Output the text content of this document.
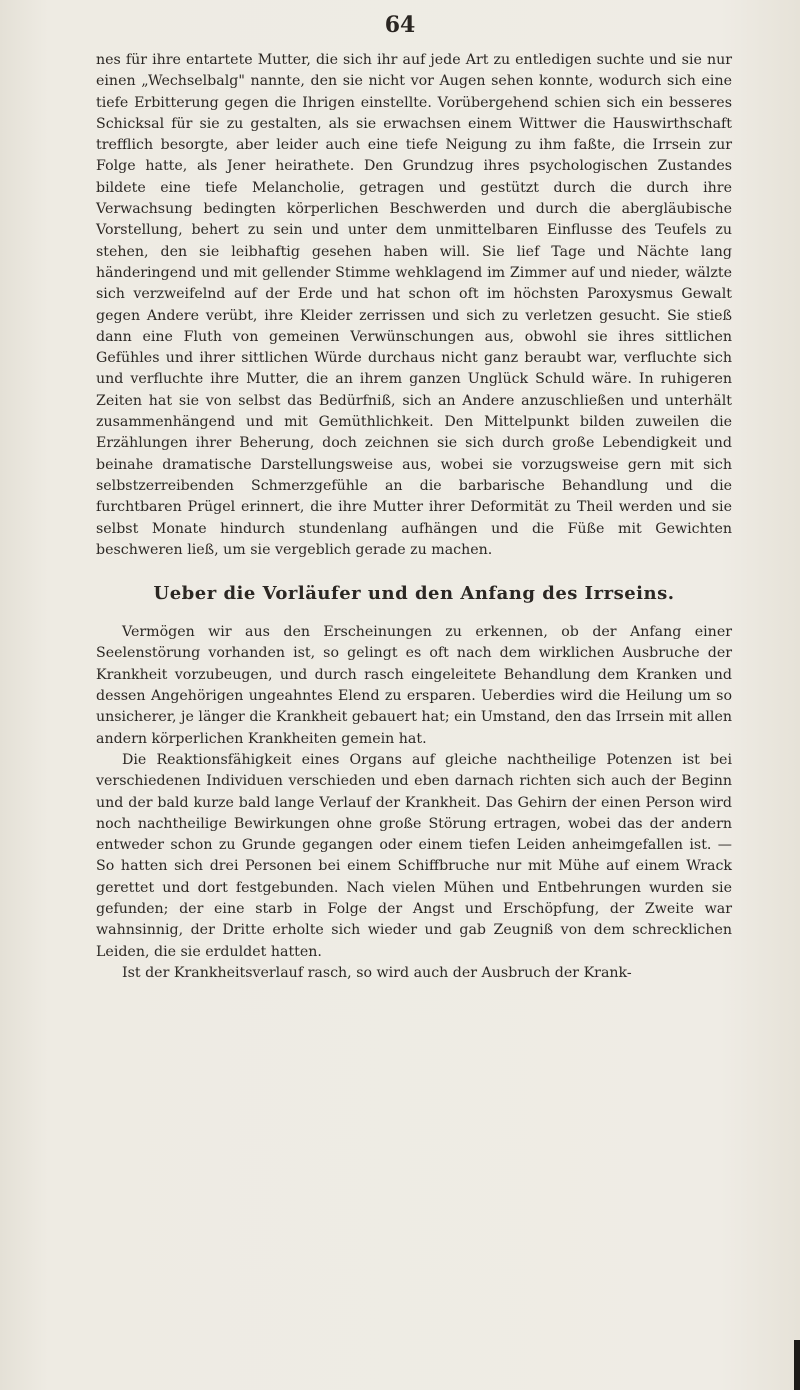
64

nes für ihre entartete Mutter, die sich ihr auf jede Art zu entledigen suchte und sie nur einen „Wechselbalg" nannte, den sie nicht vor Augen sehen konnte, wodurch sich eine tiefe Erbitterung gegen die Ihrigen einstellte. Vorübergehend schien sich ein besseres Schicksal für sie zu gestalten, als sie erwachsen einem Wittwer die Hauswirthschaft trefflich besorgte, aber leider auch eine tiefe Neigung zu ihm faßte, die Irrsein zur Folge hatte, als Jener heirathete. Den Grundzug ihres psychologischen Zustandes bildete eine tiefe Melancholie, getragen und gestützt durch die durch ihre Verwachsung bedingten körperlichen Beschwerden und durch die abergläubische Vorstellung, behert zu sein und unter dem unmittelbaren Einflusse des Teufels zu stehen, den sie leibhaftig gesehen haben will. Sie lief Tage und Nächte lang händeringend und mit gellender Stimme wehklagend im Zimmer auf und nieder, wälzte sich verzweifelnd auf der Erde und hat schon oft im höchsten Paroxysmus Gewalt gegen Andere verübt, ihre Kleider zerrissen und sich zu verletzen gesucht. Sie stieß dann eine Fluth von gemeinen Verwünschungen aus, obwohl sie ihres sittlichen Gefühles und ihrer sittlichen Würde durchaus nicht ganz beraubt war, verfluchte sich und verfluchte ihre Mutter, die an ihrem ganzen Unglück Schuld wäre. In ruhigeren Zeiten hat sie von selbst das Bedürfniß, sich an Andere anzuschließen und unterhält zusammenhängend und mit Gemüthlichkeit. Den Mittelpunkt bilden zuweilen die Erzählungen ihrer Beherung, doch zeichnen sie sich durch große Lebendigkeit und beinahe dramatische Darstellungsweise aus, wobei sie vorzugsweise gern mit sich selbstzerreibenden Schmerzgefühle an die barbarische Behandlung und die furchtbaren Prügel erinnert, die ihre Mutter ihrer Deformität zu Theil werden und sie selbst Monate hindurch stundenlang aufhängen und die Füße mit Gewichten beschweren ließ, um sie vergeblich gerade zu machen.

Ueber die Vorläufer und den Anfang des Irrseins.

Vermögen wir aus den Erscheinungen zu erkennen, ob der Anfang einer Seelenstörung vorhanden ist, so gelingt es oft nach dem wirklichen Ausbruche der Krankheit vorzubeugen, und durch rasch eingeleitete Behandlung dem Kranken und dessen Angehörigen ungeahntes Elend zu ersparen. Ueberdies wird die Heilung um so unsicherer, je länger die Krankheit gebauert hat; ein Umstand, den das Irrsein mit allen andern körperlichen Krankheiten gemein hat.

Die Reaktionsfähigkeit eines Organs auf gleiche nachtheilige Potenzen ist bei verschiedenen Individuen verschieden und eben darnach richten sich auch der Beginn und der bald kurze bald lange Verlauf der Krankheit. Das Gehirn der einen Person wird noch nachtheilige Bewirkungen ohne große Störung ertragen, wobei das der andern entweder schon zu Grunde gegangen oder einem tiefen Leiden anheimgefallen ist. — So hatten sich drei Personen bei einem Schiffbruche nur mit Mühe auf einem Wrack gerettet und dort festgebunden. Nach vielen Mühen und Entbehrungen wurden sie gefunden; der eine starb in Folge der Angst und Erschöpfung, der Zweite war wahnsinnig, der Dritte erholte sich wieder und gab Zeugniß von dem schrecklichen Leiden, die sie erduldet hatten.

Ist der Krankheitsverlauf rasch, so wird auch der Ausbruch der Krank-
